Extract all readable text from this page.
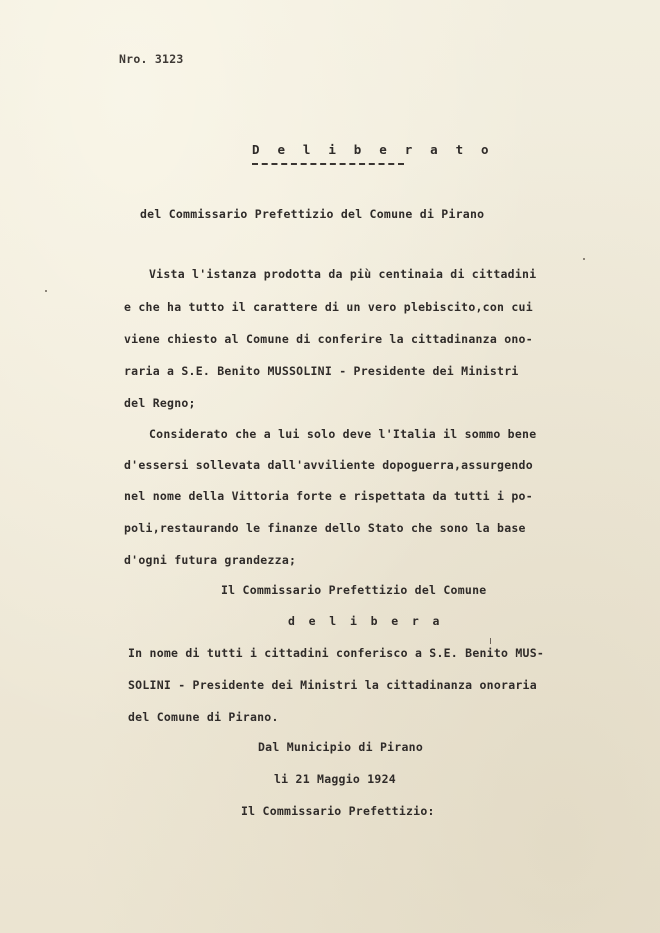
Nro. 3123
D e l i b e r a t o
del Commissario Prefettizio del Comune di Pirano
Vista l'istanza prodotta da più centinaia di cittadini
e che ha tutto il carattere di un vero plebiscito,con cui
viene chiesto al Comune di conferire la cittadinanza ono-
raria a S.E. Benito MUSSOLINI - Presidente dei Ministri
del Regno;
Considerato che a lui solo deve l'Italia il sommo bene
d'essersi sollevata dall'avviliente dopoguerra,assurgendo
nel nome della Vittoria forte e rispettata da tutti i po-
poli,restaurando le finanze dello Stato che sono la base
d'ogni futura grandezza;
Il Commissario Prefettizio del Comune
d e l i b e r a
In nome di tutti i cittadini conferisco a S.E. Benito MUS-
SOLINI - Presidente dei Ministri la cittadinanza onoraria
del Comune di Pirano.
Dal Municipio di Pirano
li 21 Maggio 1924
Il Commissario Prefettizio:
